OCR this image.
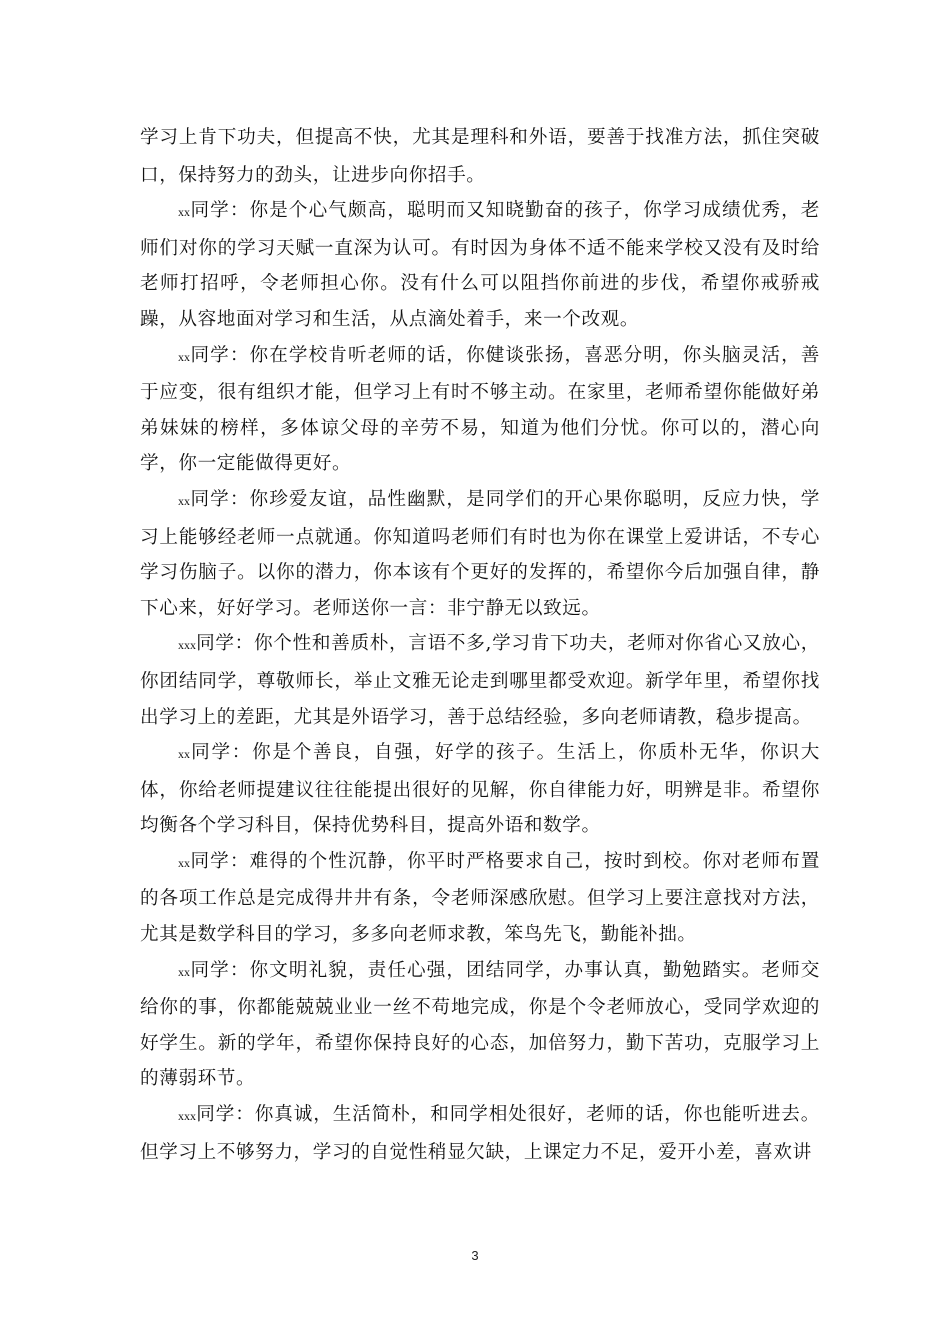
学习上肯下功夫，但提高不快，尤其是理科和外语，要善于找准方法，抓住突破口，保持努力的劲头，让进步向你招手。

xx同学：你是个心气颇高，聪明而又知晓勤奋的孩子，你学习成绩优秀，老师们对你的学习天赋一直深为认可。有时因为身体不适不能来学校又没有及时给老师打招呼，令老师担心你。没有什么可以阻挡你前进的步伐，希望你戒骄戒躁，从容地面对学习和生活，从点滴处着手，来一个改观。

xx同学：你在学校肯听老师的话，你健谈张扬，喜恶分明，你头脑灵活，善于应变，很有组织才能，但学习上有时不够主动。在家里，老师希望你能做好弟弟妹妹的榜样，多体谅父母的辛劳不易，知道为他们分忧。你可以的，潜心向学，你一定能做得更好。

xx同学：你珍爱友谊，品性幽默，是同学们的开心果你聪明，反应力快，学习上能够经老师一点就通。你知道吗老师们有时也为你在课堂上爱讲话，不专心学习伤脑子。以你的潜力，你本该有个更好的发挥的，希望你今后加强自律，静下心来，好好学习。老师送你一言：非宁静无以致远。

xxx同学：你个性和善质朴，言语不多,学习肯下功夫，老师对你省心又放心，你团结同学，尊敬师长，举止文雅无论走到哪里都受欢迎。新学年里，希望你找出学习上的差距，尤其是外语学习，善于总结经验，多向老师请教，稳步提高。

xx同学：你是个善良，自强，好学的孩子。生活上，你质朴无华，你识大体，你给老师提建议往往能提出很好的见解，你自律能力好，明辨是非。希望你均衡各个学习科目，保持优势科目，提高外语和数学。

xx同学：难得的个性沉静，你平时严格要求自己，按时到校。你对老师布置的各项工作总是完成得井井有条，令老师深感欣慰。但学习上要注意找对方法，尤其是数学科目的学习，多多向老师求教，笨鸟先飞，勤能补拙。

xx同学：你文明礼貌，责任心强，团结同学，办事认真，勤勉踏实。老师交给你的事，你都能兢兢业业一丝不苟地完成，你是个令老师放心，受同学欢迎的好学生。新的学年，希望你保持良好的心态，加倍努力，勤下苦功，克服学习上的薄弱环节。

xxx同学：你真诚，生活简朴，和同学相处很好，老师的话，你也能听进去。但学习上不够努力，学习的自觉性稍显欠缺，上课定力不足，爱开小差，喜欢讲

3
